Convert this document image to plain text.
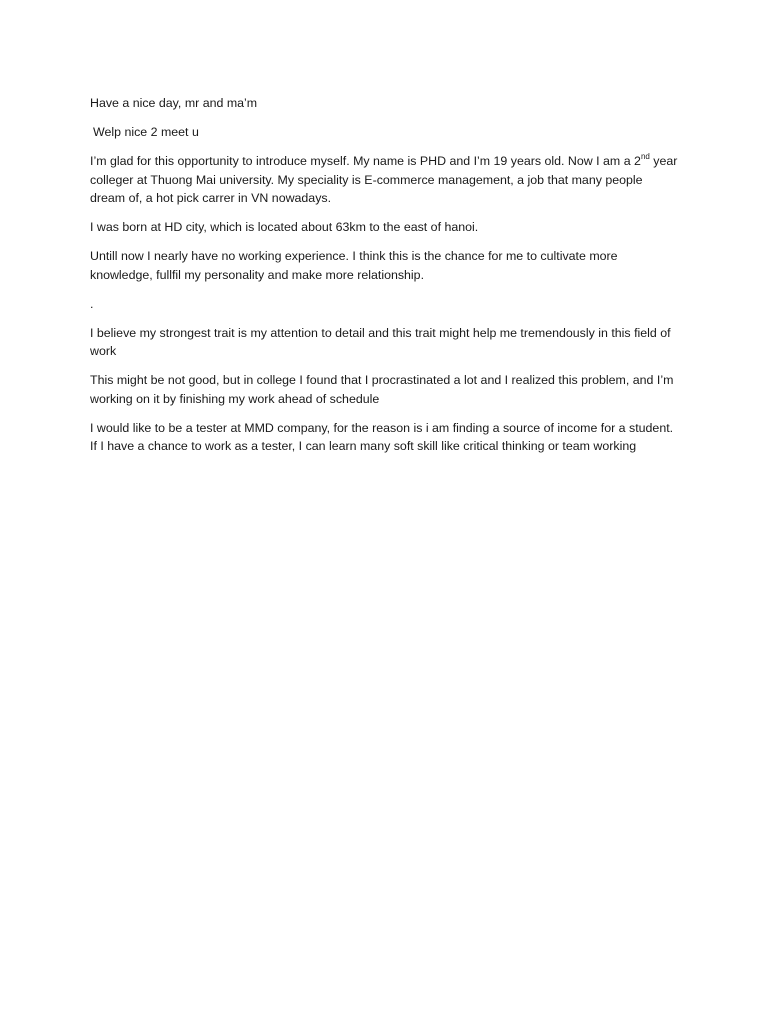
Have a nice day, mr and ma’m

Welp nice 2 meet u

I’m glad for this opportunity to introduce myself. My name is PHD and I’m 19 years old. Now I am a 2nd year colleger at Thuong Mai university. My speciality is E-commerce management, a job that many people dream of, a hot pick carrer in VN nowadays.

I was born at HD city, which is located about 63km to the east of hanoi.

Untill now I nearly have no working experience. I think this is the chance for me to cultivate more knowledge, fullfil my personality and make more relationship.

.

I believe my strongest trait is my attention to detail and this trait might help me tremendously in this field of work

This might be not good, but in college I found that I procrastinated a lot and I realized this problem, and I’m working on it by finishing my work ahead of schedule

I would like to be a tester at MMD company, for the reason is i am finding a source of income for a student. If I have a chance to work as a tester, I can learn many soft skill like critical thinking or team working
